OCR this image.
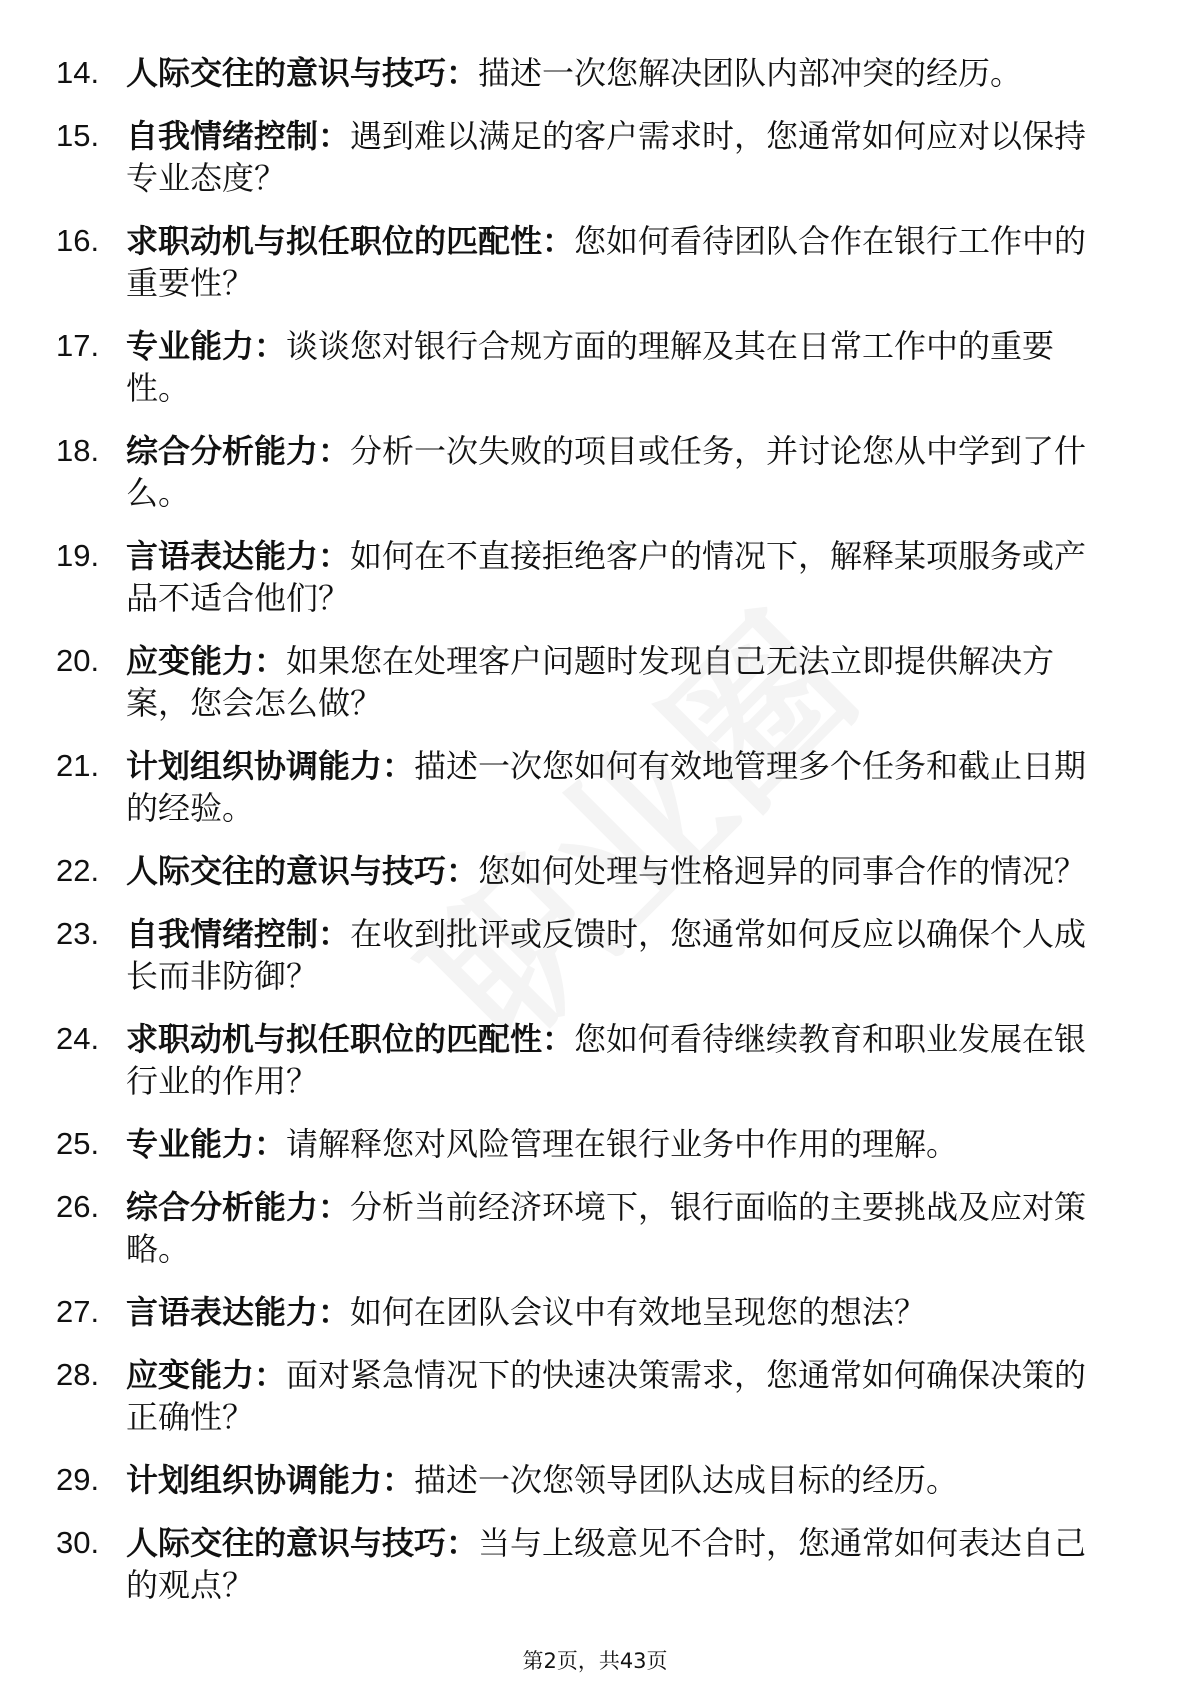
14. 人际交往的意识与技巧：描述一次您解决团队内部冲突的经历。
15. 自我情绪控制：遇到难以满足的客户需求时，您通常如何应对以保持专业态度？
16. 求职动机与拟任职位的匹配性：您如何看待团队合作在银行工作中的重要性？
17. 专业能力：谈谈您对银行合规方面的理解及其在日常工作中的重要性。
18. 综合分析能力：分析一次失败的项目或任务，并讨论您从中学到了什么。
19. 言语表达能力：如何在不直接拒绝客户的情况下，解释某项服务或产品不适合他们？
20. 应变能力：如果您在处理客户问题时发现自己无法立即提供解决方案，您会怎么做？
21. 计划组织协调能力：描述一次您如何有效地管理多个任务和截止日期的经验。
22. 人际交往的意识与技巧：您如何处理与性格迥异的同事合作的情况？
23. 自我情绪控制：在收到批评或反馈时，您通常如何反应以确保个人成长而非防御？
24. 求职动机与拟任职位的匹配性：您如何看待继续教育和职业发展在银行业的作用？
25. 专业能力：请解释您对风险管理在银行业务中作用的理解。
26. 综合分析能力：分析当前经济环境下，银行面临的主要挑战及应对策略。
27. 言语表达能力：如何在团队会议中有效地呈现您的想法？
28. 应变能力：面对紧急情况下的快速决策需求，您通常如何确保决策的正确性？
29. 计划组织协调能力：描述一次您领导团队达成目标的经历。
30. 人际交往的意识与技巧：当与上级意见不合时，您通常如何表达自己的观点？
第2页，共43页
